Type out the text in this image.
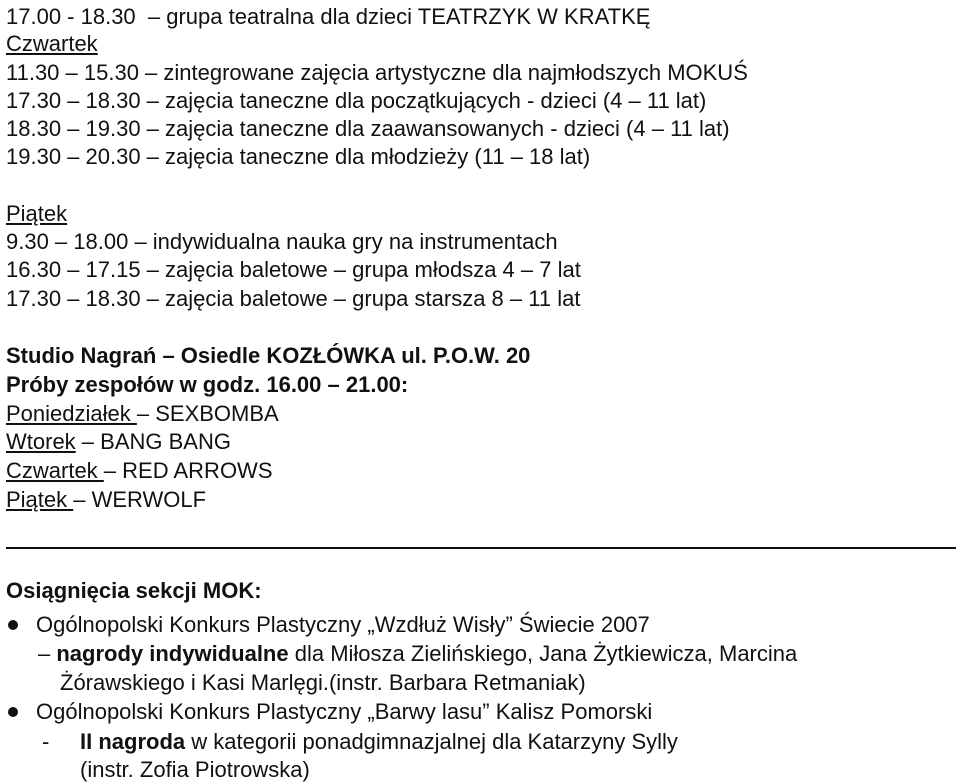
17.00 - 18.30  – grupa teatralna dla dzieci TEATRZYK W KRATKĘ
Czwartek
11.30 – 15.30 – zintegrowane zajęcia artystyczne dla najmłodszych MOKUŚ
17.30 – 18.30 – zajęcia taneczne dla początkujących - dzieci (4 – 11 lat)
18.30 – 19.30 – zajęcia taneczne dla zaawansowanych - dzieci (4 – 11 lat)
19.30 – 20.30 – zajęcia taneczne dla młodzieży (11 – 18 lat)
Piątek
9.30 – 18.00 – indywidualna nauka gry na instrumentach
16.30 – 17.15 – zajęcia baletowe – grupa młodsza 4 – 7 lat
17.30 – 18.30 – zajęcia baletowe – grupa starsza 8 – 11 lat
Studio Nagrań – Osiedle KOZŁÓWKA ul. P.O.W. 20
Próby zespołów w godz. 16.00 – 21.00:
Poniedziałek – SEXBOMBA
Wtorek – BANG BANG
Czwartek – RED ARROWS
Piątek – WERWOLF
Osiągnięcia sekcji MOK:
Ogólnopolski Konkurs Plastyczny „Wzdłuż Wisły” Świecie 2007
– nagrody indywidualne dla Miłosza Zielińskiego, Jana Żytkiewicza, Marcina
Żórawskiego i Kasi Marlęgi.(instr. Barbara Retmaniak)
Ogólnopolski Konkurs Plastyczny „Barwy lasu” Kalisz Pomorski
- II nagroda w kategorii ponadgimnazjalnej dla Katarzyny Sylly
(instr. Zofia Piotrowska)
